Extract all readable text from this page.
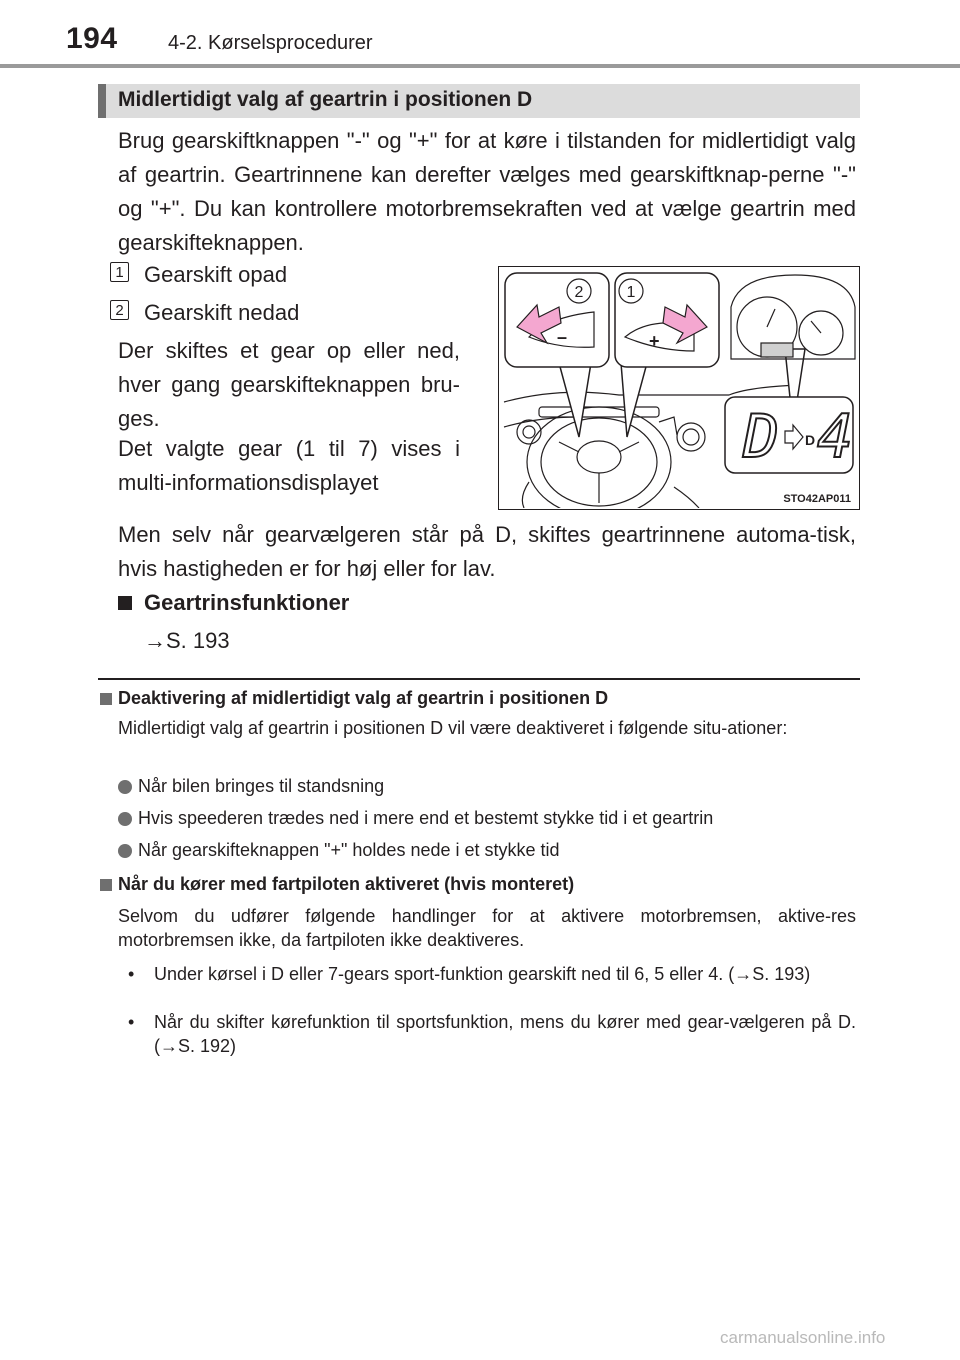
194	4-2. Kørselsprocedurer
Midlertidigt valg af geartrin i positionen D
Brug gearskiftknappen "-" og "+" for at køre i tilstanden for midlertidigt valg af geartrin. Geartrinnene kan derefter vælges med gearskiftknap-perne "-" og "+". Du kan kontrollere motorbremsekraften ved at vælge geartrin med gearskifteknappen.
1 Gearskift opad
2 Gearskift nedad
Der skiftes et gear op eller ned, hver gang gearskifteknappen bru-ges.
Det valgte gear (1 til 7) vises i multi-informationsdisplayet
–
2
+
1
D D 4
STO42AP011
Men selv når gearvælgeren står på D, skiftes geartrinnene automa-tisk, hvis hastigheden er for høj eller for lav.
Geartrinsfunktioner
→S. 193
Deaktivering af midlertidigt valg af geartrin i positionen D
Midlertidigt valg af geartrin i positionen D vil være deaktiveret i følgende situ-ationer:
Når bilen bringes til standsning
Hvis speederen trædes ned i mere end et bestemt stykke tid i et geartrin
Når gearskifteknappen "+" holdes nede i et stykke tid
Når du kører med fartpiloten aktiveret (hvis monteret)
Selvom du udfører følgende handlinger for at aktivere motorbremsen, aktive-res motorbremsen ikke, da fartpiloten ikke deaktiveres.
•	Under kørsel i D eller 7-gears sport-funktion gearskift ned til 6, 5 eller 4. (→S. 193)
•	Når du skifter kørefunktion til sportsfunktion, mens du kører med gear-vælgeren på D. (→S. 192)
carmanualsonline.info
